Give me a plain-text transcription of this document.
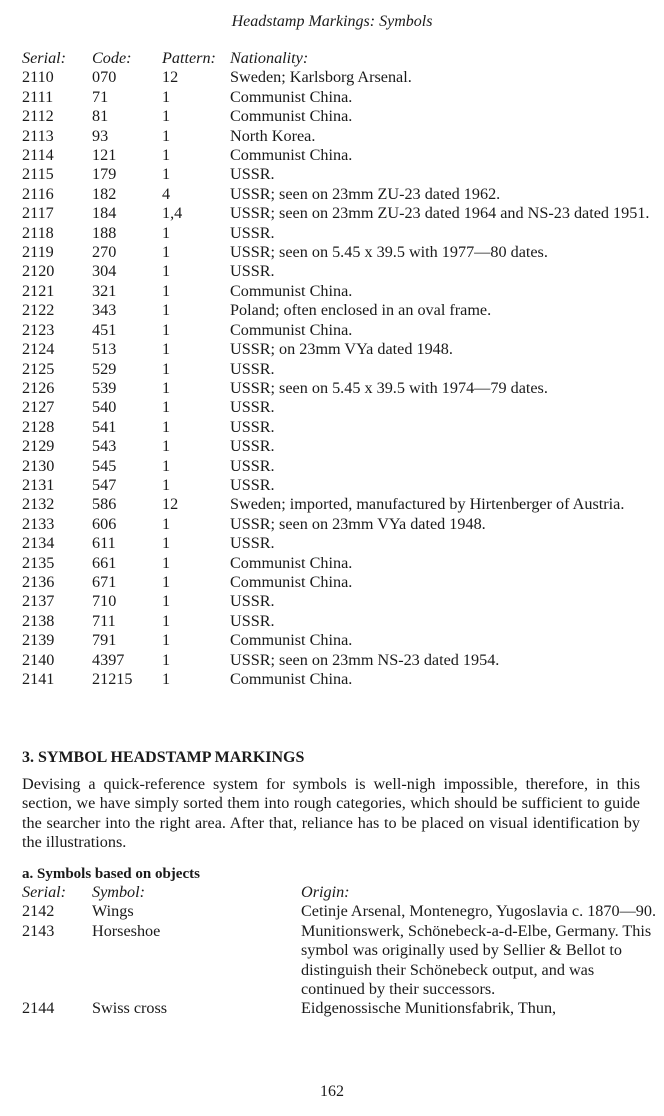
Headstamp Markings: Symbols
Serial:	Code:	Pattern:	Nationality:
2110	070	12	Sweden; Karlsborg Arsenal.
2111	71	1	Communist China.
2112	81	1	Communist China.
2113	93	1	North Korea.
2114	121	1	Communist China.
2115	179	1	USSR.
2116	182	4	USSR; seen on 23mm ZU-23 dated 1962.
2117	184	1,4	USSR; seen on 23mm ZU-23 dated 1964 and NS-23 dated 1951.
2118	188	1	USSR.
2119	270	1	USSR; seen on 5.45 x 39.5 with 1977—80 dates.
2120	304	1	USSR.
2121	321	1	Communist China.
2122	343	1	Poland; often enclosed in an oval frame.
2123	451	1	Communist China.
2124	513	1	USSR; on 23mm VYa dated 1948.
2125	529	1	USSR.
2126	539	1	USSR; seen on 5.45 x 39.5 with 1974—79 dates.
2127	540	1	USSR.
2128	541	1	USSR.
2129	543	1	USSR.
2130	545	1	USSR.
2131	547	1	USSR.
2132	586	12	Sweden; imported, manufactured by Hirtenberger of Austria.
2133	606	1	USSR; seen on 23mm VYa dated 1948.
2134	611	1	USSR.
2135	661	1	Communist China.
2136	671	1	Communist China.
2137	710	1	USSR.
2138	711	1	USSR.
2139	791	1	Communist China.
2140	4397	1	USSR; seen on 23mm NS-23 dated 1954.
2141	21215	1	Communist China.
3. SYMBOL HEADSTAMP MARKINGS
Devising a quick-reference system for symbols is well-nigh impossible, therefore, in this section, we have simply sorted them into rough categories, which should be sufficient to guide the searcher into the right area. After that, reliance has to be placed on visual identification by the illustrations.
a. Symbols based on objects
Serial:	Symbol:	Origin:
2142	Wings	Cetinje Arsenal, Montenegro, Yugoslavia c. 1870—90.
2143	Horseshoe	Munitionswerk, Schönebeck-a-d-Elbe, Germany. This symbol was originally used by Sellier & Bellot to distinguish their Schönebeck output, and was continued by their successors.
2144	Swiss cross	Eidgenossische Munitionsfabrik, Thun,
162
